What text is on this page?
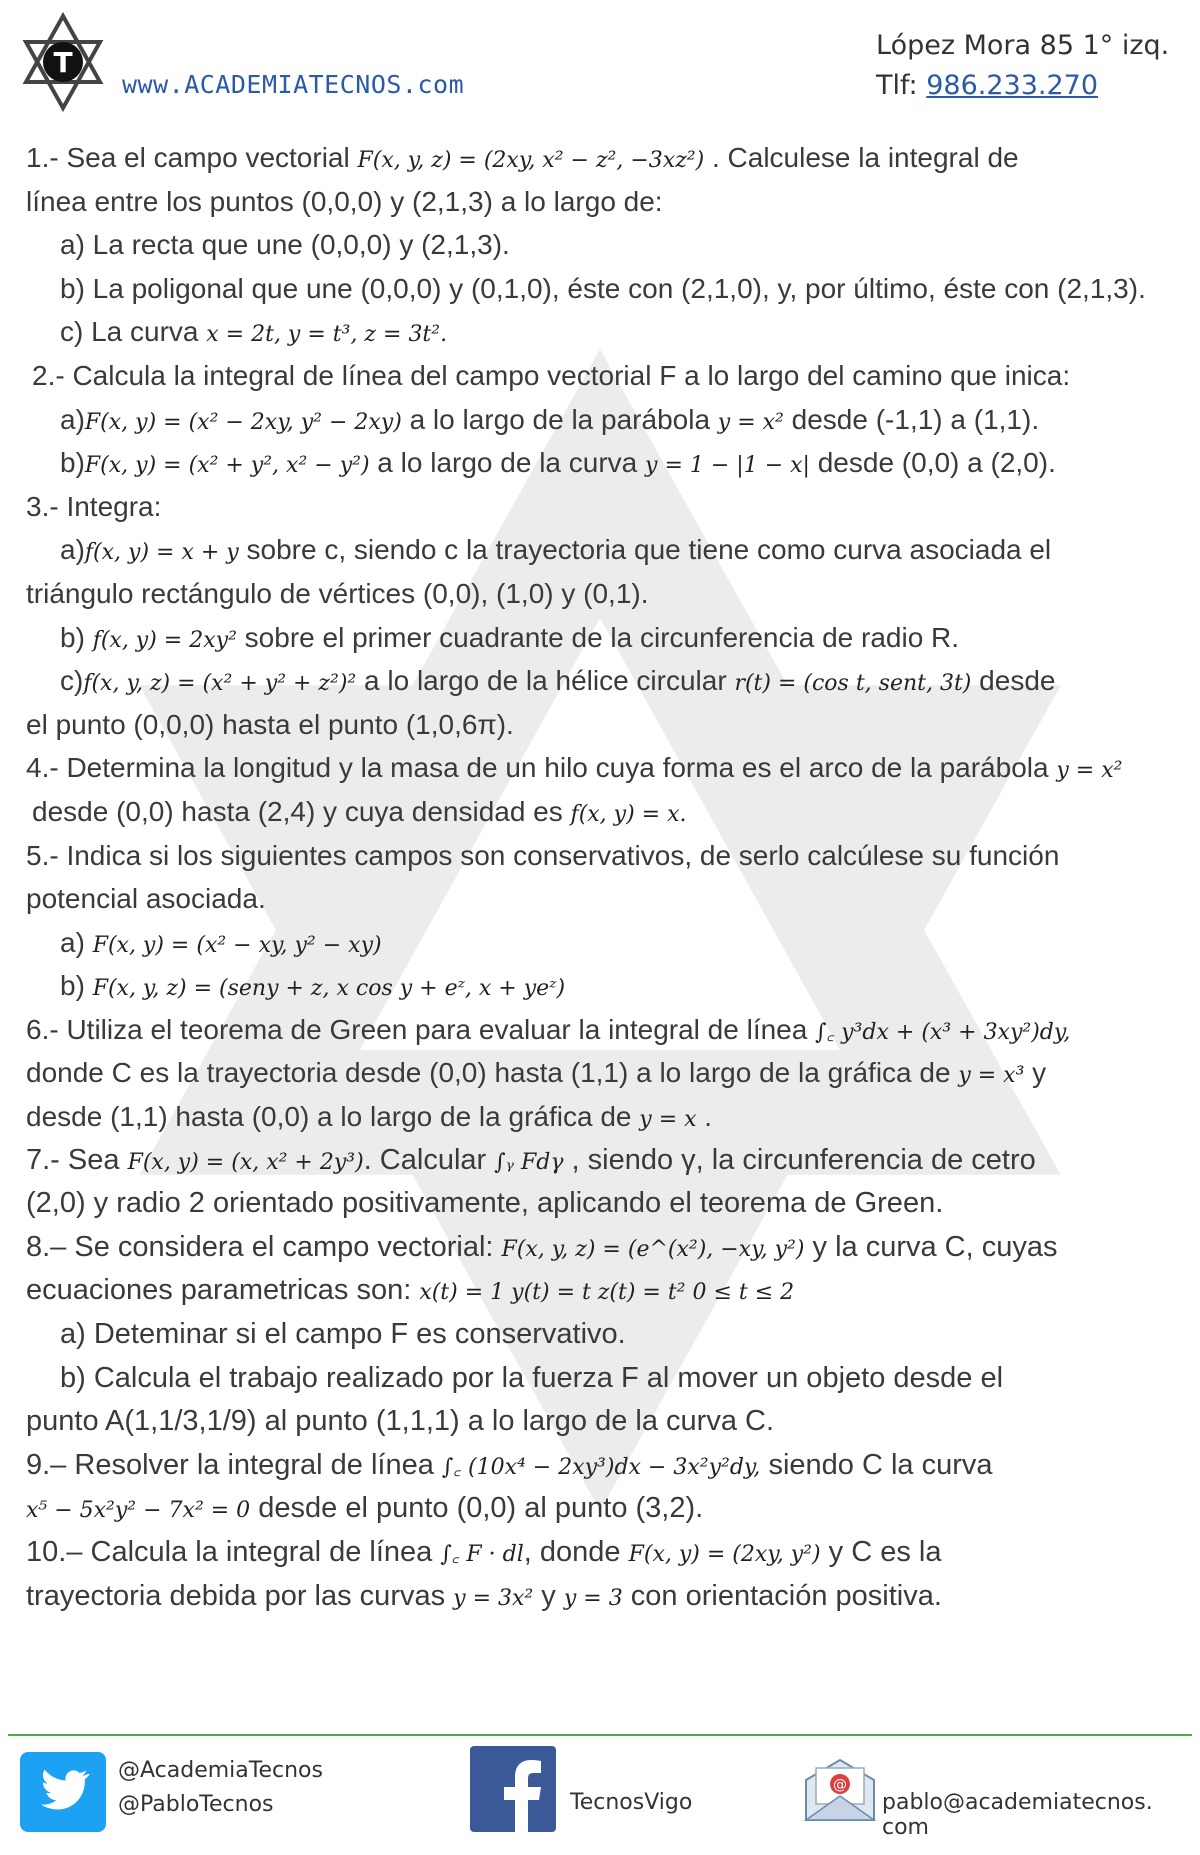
T
www.ACADEMIATECNOS.com
López Mora 85 1° izq.
Tlf: 986.233.270
1.- Sea el campo vectorial F(x, y, z) = (2xy, x² − z², −3xz²) . Calculese la integral de
línea entre los puntos (0,0,0) y (2,1,3) a lo largo de:
a) La recta que une (0,0,0) y (2,1,3).
b) La poligonal que une (0,0,0) y (0,1,0), éste con (2,1,0), y, por último, éste con (2,1,3).
c) La curva x = 2t, y = t³, z = 3t².
2.- Calcula la integral de línea del campo vectorial F a lo largo del camino que inica:
a)F(x, y) = (x² − 2xy, y² − 2xy) a lo largo de la parábola y = x² desde (-1,1) a (1,1).
b)F(x, y) = (x² + y², x² − y²) a lo largo de la curva y = 1 − |1 − x| desde (0,0) a (2,0).
3.- Integra:
a)f(x, y) = x + y sobre c, siendo c la trayectoria que tiene como curva asociada el
triángulo rectángulo de vértices (0,0), (1,0) y (0,1).
b) f(x, y) = 2xy² sobre el primer cuadrante de la circunferencia de radio R.
c)f(x, y, z) = (x² + y² + z²)² a lo largo de la hélice circular r(t) = (cos t, sent, 3t) desde
el punto (0,0,0) hasta el punto (1,0,6π).
4.- Determina la longitud y la masa de un hilo cuya forma es el arco de la parábola y = x²
desde (0,0) hasta (2,4) y cuya densidad es f(x, y) = x.
5.- Indica si los siguientes campos son conservativos, de serlo calcúlese su función
potencial asociada.
a) F(x, y) = (x² − xy, y² − xy)
b) F(x, y, z) = (seny + z, x cos y + eᶻ, x + yeᶻ)
6.- Utiliza el teorema de Green para evaluar la integral de línea ∫꜀ y³dx + (x³ + 3xy²)dy,
donde C es la trayectoria desde (0,0) hasta (1,1) a lo largo de la gráfica de y = x³ y
desde (1,1) hasta (0,0) a lo largo de la gráfica de y = x .
7.- Sea F(x, y) = (x, x² + 2y³). Calcular ∫ᵧ Fdγ , siendo γ, la circunferencia de cetro
(2,0) y radio 2 orientado positivamente, aplicando el teorema de Green.
8.– Se considera el campo vectorial: F(x, y, z) = (e^(x²), −xy, y²) y la curva C, cuyas
ecuaciones parametricas son: x(t) = 1 y(t) = t z(t) = t² 0 ≤ t ≤ 2
a) Deteminar si el campo F es conservativo.
b) Calcula el trabajo realizado por la fuerza F al mover un objeto desde el
punto A(1,1/3,1/9) al punto (1,1,1) a lo largo de la curva C.
9.– Resolver la integral de línea ∫꜀ (10x⁴ − 2xy³)dx − 3x²y²dy, siendo C la curva
x⁵ − 5x²y² − 7x² = 0 desde el punto (0,0) al punto (3,2).
10.– Calcula la integral de línea ∫꜀ F · dl, donde F(x, y) = (2xy, y²) y C es la
trayectoria debida por las curvas y = 3x² y y = 3 con orientación positiva.
@AcademiaTecnos
@PabloTecnos	TecnosVigo
@
pablo@academiatecnos. com
